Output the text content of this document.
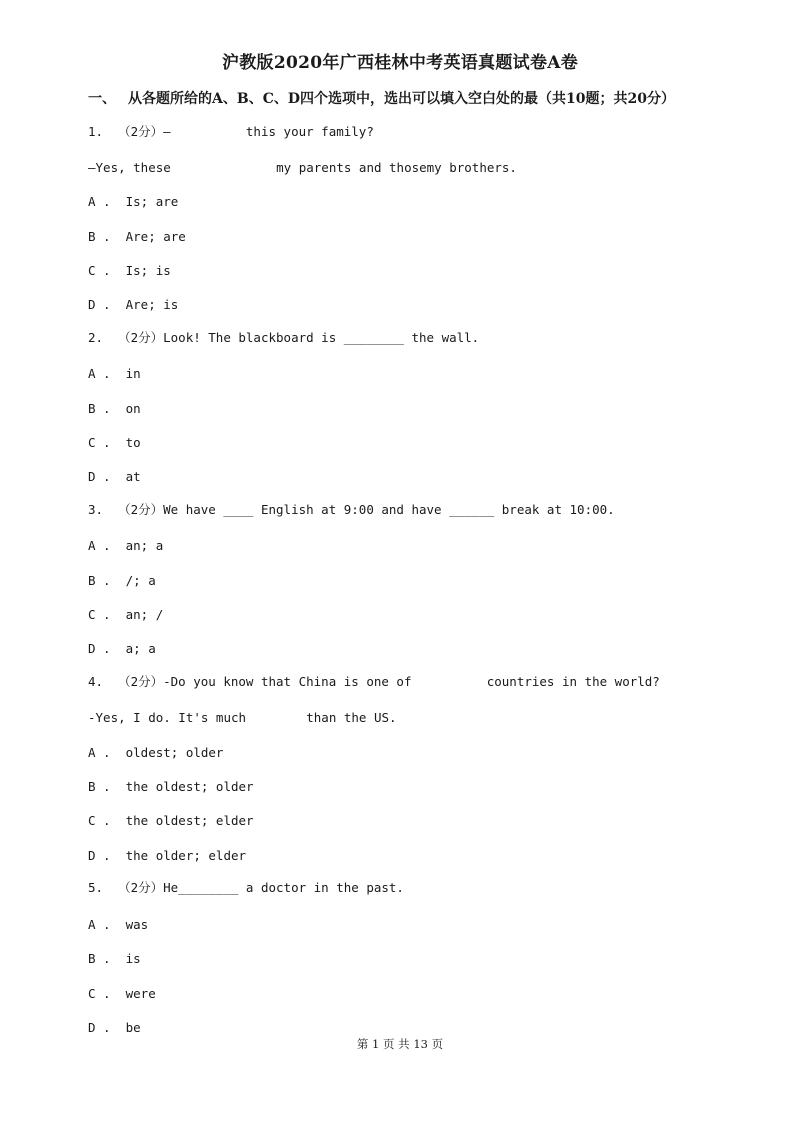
沪教版2020年广西桂林中考英语真题试卷A卷
一、 从各题所给的A、B、C、D四个选项中，选出可以填入空白处的最（共10题；共20分）
1.  （2分）—          this your family?
—Yes, these              my parents and thosemy brothers.
A .  Is; are
B .  Are; are
C .  Is; is
D .  Are; is
2.  （2分）Look! The blackboard is ________ the wall.
A .  in
B .  on
C .  to
D .  at
3.  （2分）We have ____ English at 9:00 and have ______ break at 10:00.
A .  an; a
B .  /; a
C .  an; /
D .  a; a
4.  （2分）-Do you know that China is one of          countries in the world?
-Yes, I do. It's much        than the US.
A .  oldest; older
B .  the oldest; older
C .  the oldest; elder
D .  the older; elder
5.  （2分）He________ a doctor in the past.
A .  was
B .  is
C .  were
D .  be
第 1 页 共 13 页
